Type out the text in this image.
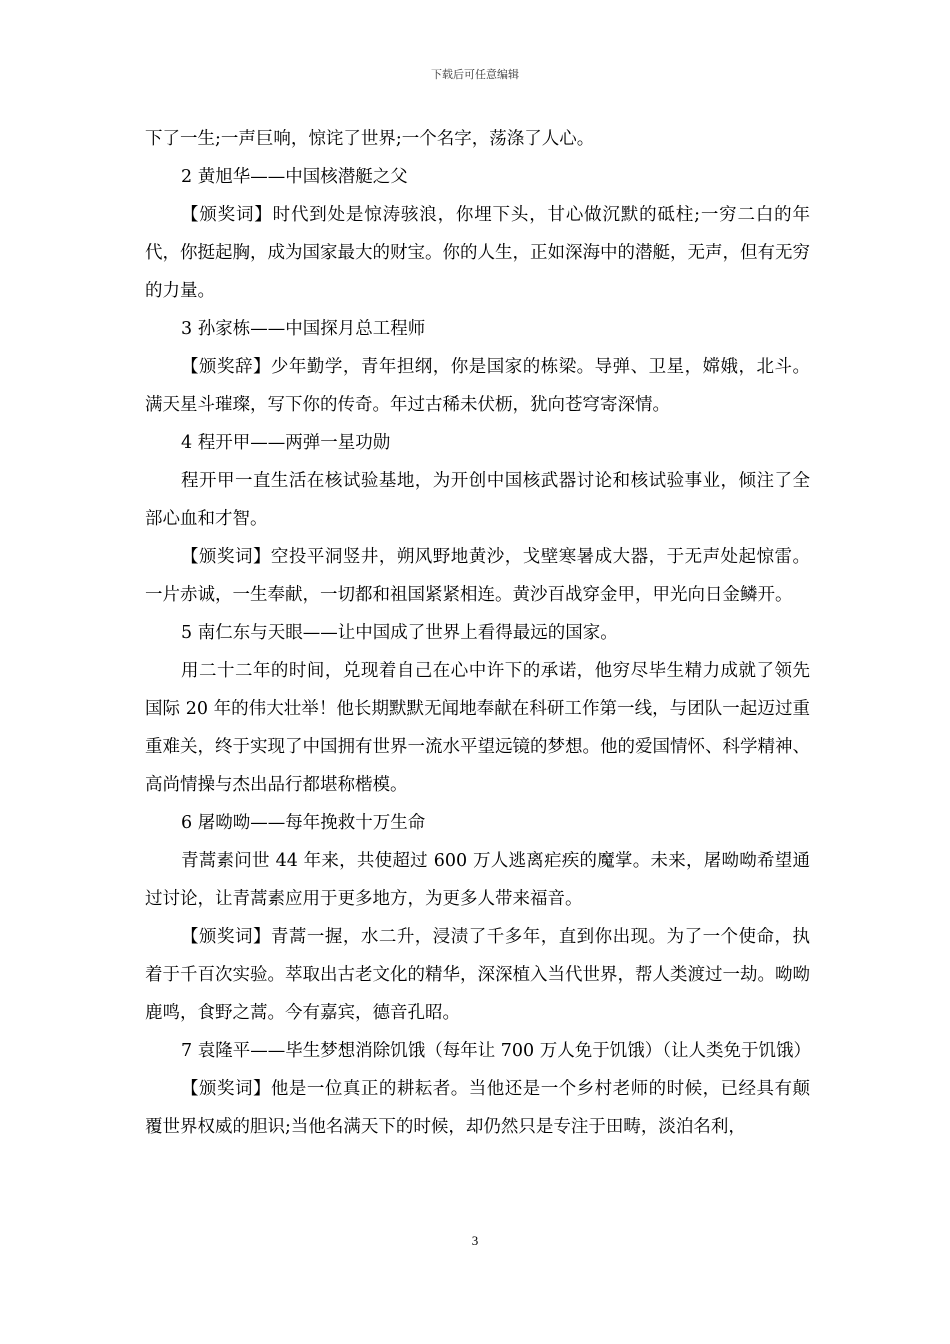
下载后可任意编辑

下了一生;一声巨响，惊诧了世界;一个名字，荡涤了人心。

2 黄旭华——中国核潜艇之父

【颁奖词】时代到处是惊涛骇浪，你埋下头，甘心做沉默的砥柱;一穷二白的年代，你挺起胸，成为国家最大的财宝。你的人生，正如深海中的潜艇，无声，但有无穷的力量。

3 孙家栋——中国探月总工程师

【颁奖辞】少年勤学，青年担纲，你是国家的栋梁。导弹、卫星，嫦娥，北斗。满天星斗璀璨，写下你的传奇。年过古稀未伏枥，犹向苍穹寄深情。

4 程开甲——两弹一星功勋

程开甲一直生活在核试验基地，为开创中国核武器讨论和核试验事业，倾注了全部心血和才智。

【颁奖词】空投平洞竖井，朔风野地黄沙，戈壁寒暑成大器，于无声处起惊雷。一片赤诚，一生奉献，一切都和祖国紧紧相连。黄沙百战穿金甲，甲光向日金鳞开。

5 南仁东与天眼——让中国成了世界上看得最远的国家。

用二十二年的时间，兑现着自己在心中许下的承诺，他穷尽毕生精力成就了领先国际 20 年的伟大壮举！他长期默默无闻地奉献在科研工作第一线，与团队一起迈过重重难关，终于实现了中国拥有世界一流水平望远镜的梦想。他的爱国情怀、科学精神、高尚情操与杰出品行都堪称楷模。

6 屠呦呦——每年挽救十万生命

青蒿素问世 44 年来，共使超过 600 万人逃离疟疾的魔掌。未来，屠呦呦希望通过讨论，让青蒿素应用于更多地方，为更多人带来福音。

【颁奖词】青蒿一握，水二升，浸渍了千多年，直到你出现。为了一个使命，执着于千百次实验。萃取出古老文化的精华，深深植入当代世界，帮人类渡过一劫。呦呦鹿鸣，食野之蒿。今有嘉宾，德音孔昭。

7 袁隆平——毕生梦想消除饥饿（每年让 700 万人免于饥饿）（让人类免于饥饿）

【颁奖词】他是一位真正的耕耘者。当他还是一个乡村老师的时候，已经具有颠覆世界权威的胆识;当他名满天下的时候，却仍然只是专注于田畴，淡泊名利，

3
